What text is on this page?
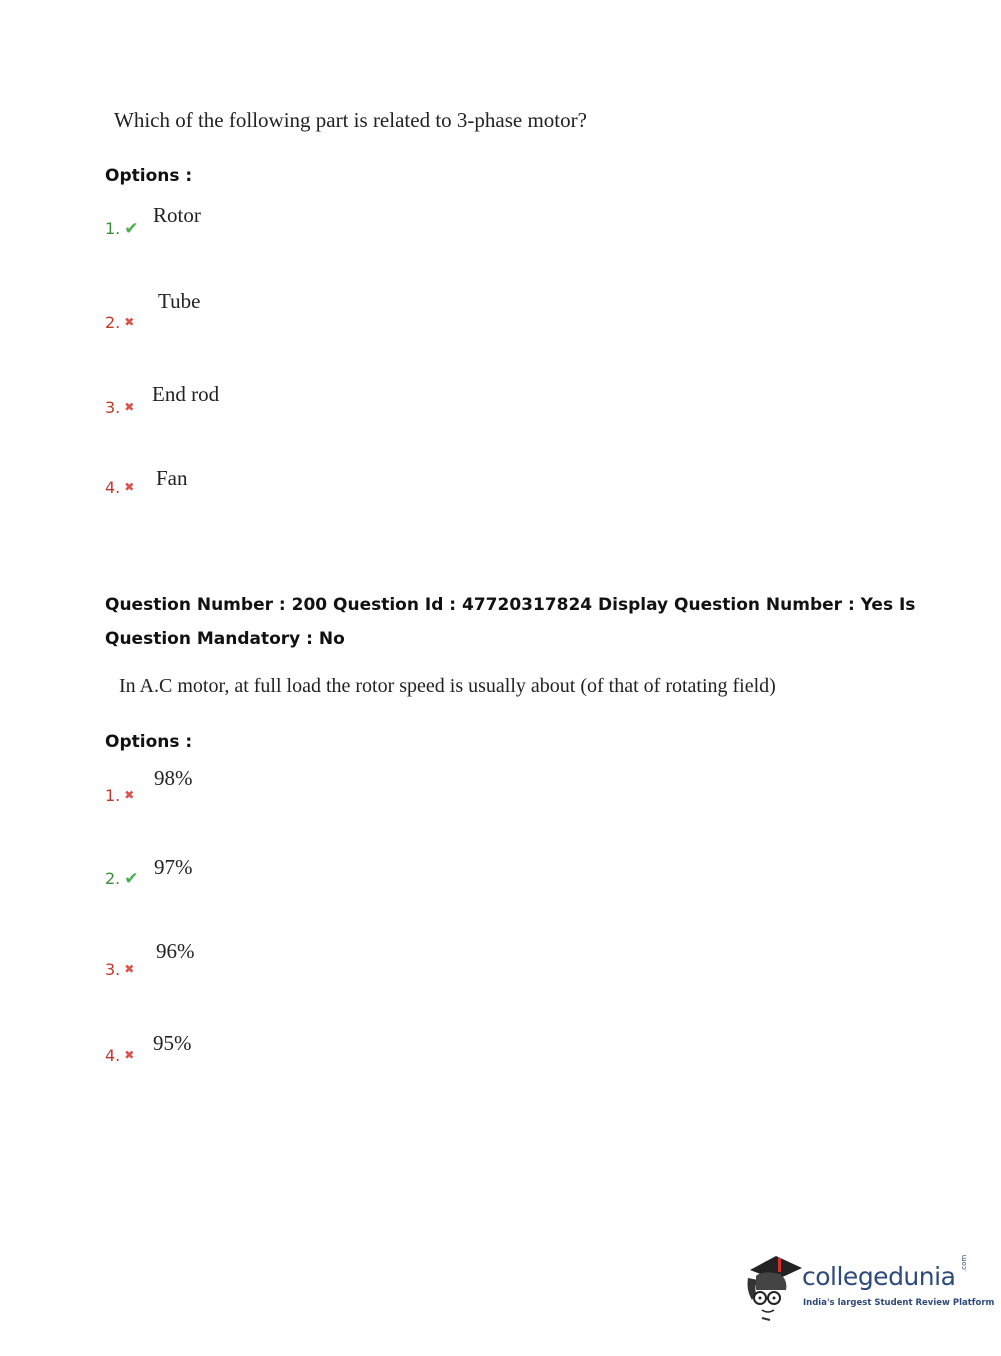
Which of the following part is related to 3-phase motor?
Options :
1. ✔
Rotor
2. ✖
Tube
3. ✖
End rod
4. ✖ Fan
Question Number : 200 Question Id : 47720317824 Display Question Number : Yes Is Question Mandatory : No
In A.C motor, at full load the rotor speed is usually about (of that of rotating field)
Options :
1. ✖
98%
2. ✔ 97%
3. ✖
96%
4. ✖ 95%
collegedunia .com
India's largest Student Review Platform
